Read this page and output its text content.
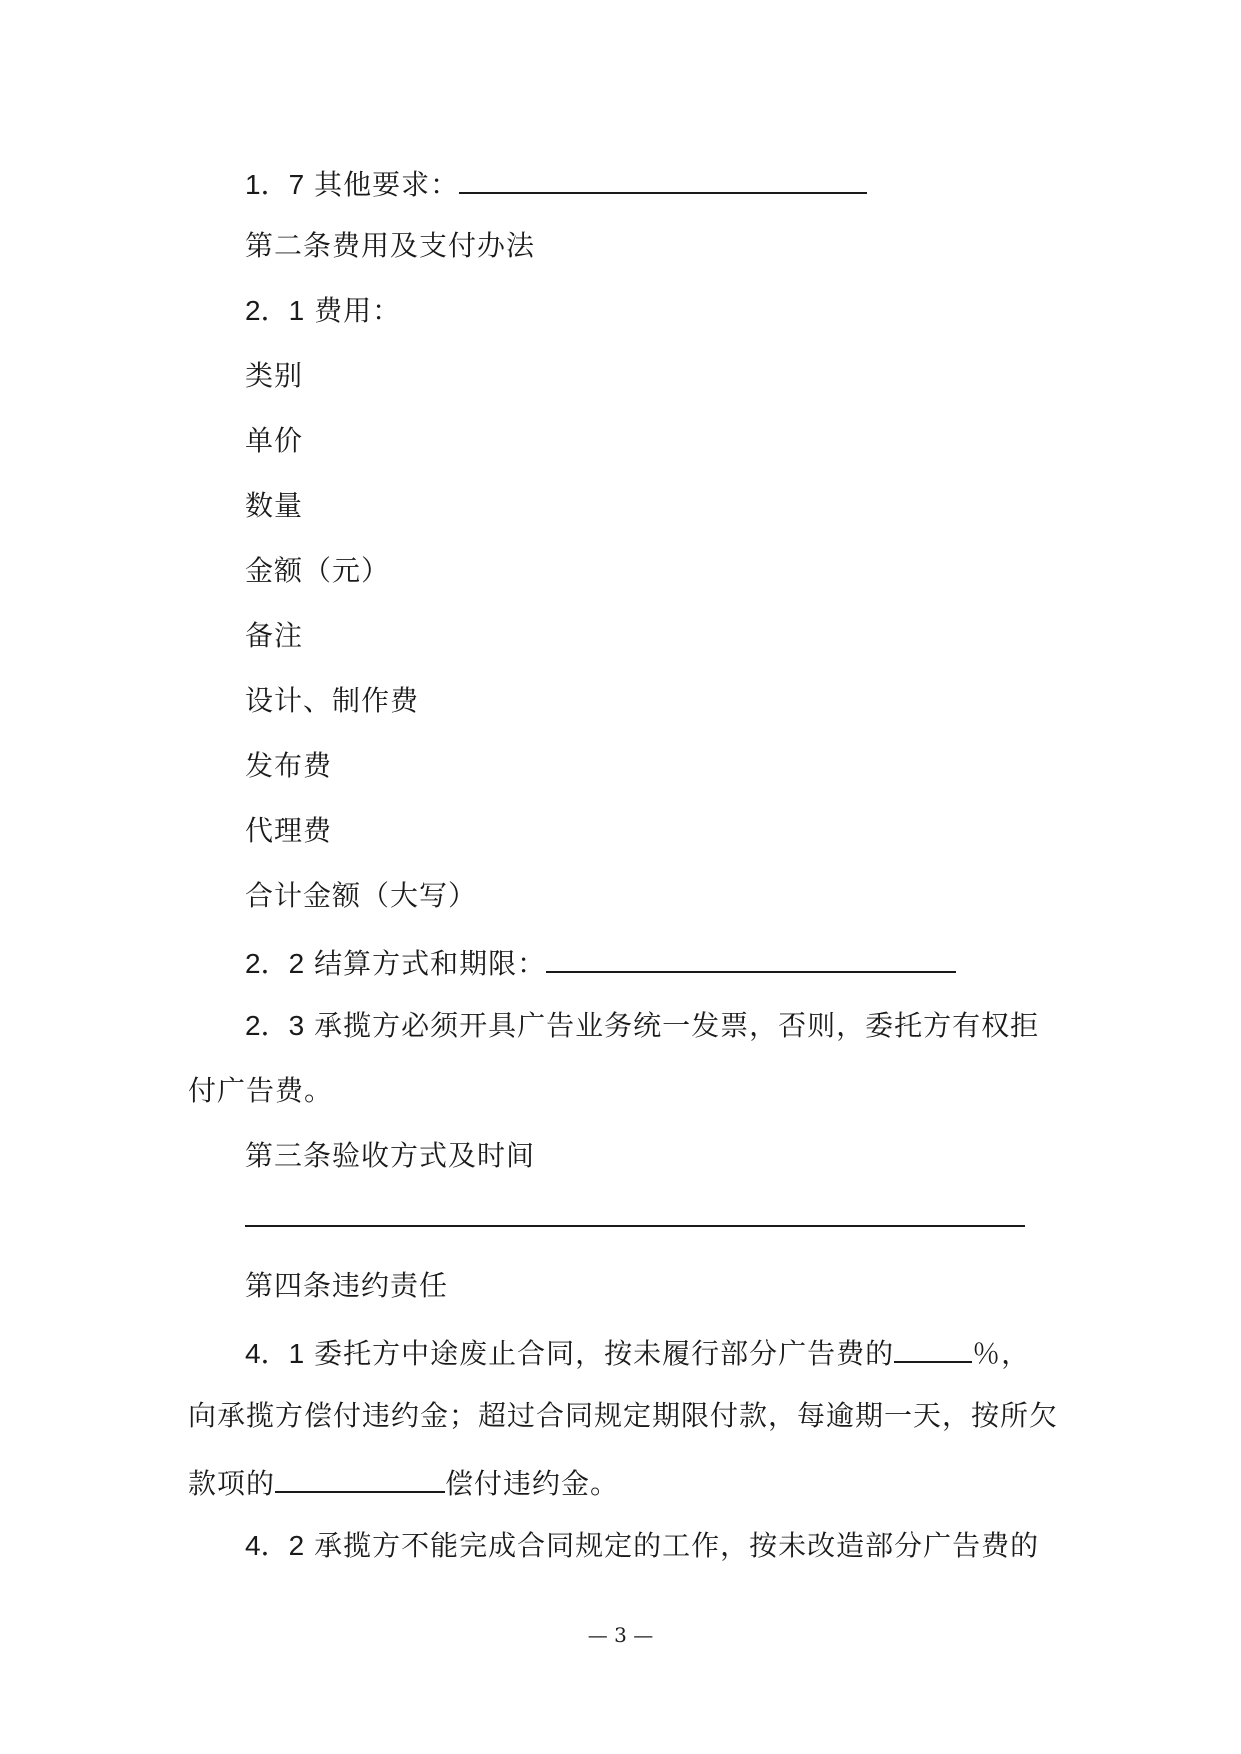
1．7 其他要求：
第二条费用及支付办法
2．1 费用：
类别
单价
数量
金额（元）
备注
设计、制作费
发布费
代理费
合计金额（大写）
2．2 结算方式和期限：
2．3 承揽方必须开具广告业务统一发票，否则，委托方有权拒
付广告费。
第三条验收方式及时间
第四条违约责任
4．1 委托方中途废止合同，按未履行部分广告费的	％，
向承揽方偿付违约金；超过合同规定期限付款，每逾期一天，按所欠
款项的	偿付违约金。
4．2 承揽方不能完成合同规定的工作，按未改造部分广告费的
— 3 —
